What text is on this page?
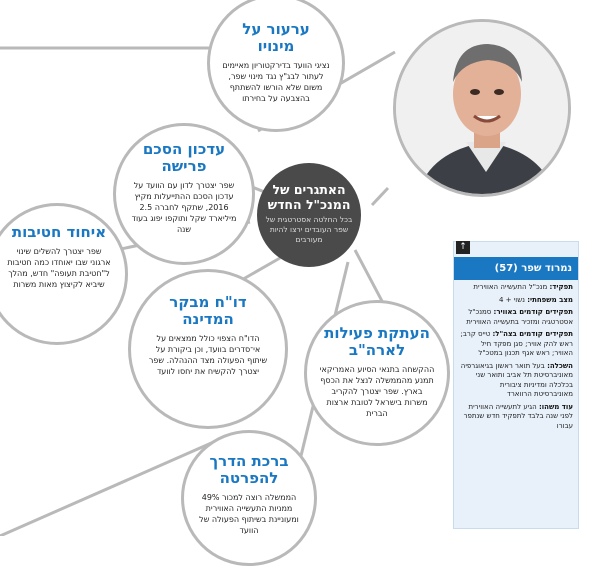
ערעור על מינויו
נציגי הוועד בדירקטוריון מאיימים לעתור לבג"ץ נגד מינוי שפר, משום שלא הורשו להשתתף בהצבעה על בחירתו
עדכון הסכם פרישה
שפר יצטרך לדון עם הוועד על עדכון הסכם ההתייעלות מקיץ 2016, שתקף לחברה 2.5 מיליארד שקל ותוקפו יפוג בעוד שנה
איחוד חטיבות
שפר יצטרך להשלים שינוי ארגוני שבו יאוחדו כמה חטיבות ל"חטיבת תעופה" חדש, מהלך שיביא לקיצוץ מאות משרות
דו"ח מבקר המדינה
הדו"ח הצפוי כולל ממצאים על אי־סדרים בוועד, וכן ביקורת על שיתוף הפעולה מצד ההנהלה. שפר יצטרך להקשיח את יחסו לוועד
העתקת פעילות לארה"ב
ההקשחה בתנאי הסיוע האמריקאי תמנע מהממשלה לנצל את הכסף בארץ. שפר יצטרך להקריב משרות בישראל לטובת ארצות הברית
ברכת הדרך להפרטה
הממשלה רוצה למכור 49% ממניות התעשייה האווירית ומעוניינת בשיתוף הפעולה של הוועד
האתגרים של המנכ"ל החדש
בכל החלטה אסטרטגית של שפר העובדים ירצו להיות מעורבים
נמרוד שפר (57)
תפקיד: מנכ"ל התעשייה האווירית
מצב משפחתי: נשוי + 4
תפקידים קודמים באוויר: סמנכ"ל אסטרטגיה ומזכיר בתעשייה האווירית
תפקידים קודמים בצה"ל: טייס קרב; ראש להק אוויר; סגן מפקד חיל האוויר; ראש אגף תכנון במטכ"ל
השכלה: בעל תואר ראשון בגיאוגרפיה מאוניברסיטת תל אביב ותואר שני בכלכלה ומדיניות ציבורית מאוניברסיטת הרווארד
עוד משהו: הגיע לתעשייה האווירית לפני שנה בלבד לתפקיד חדש שנתפר עבורו
↑
